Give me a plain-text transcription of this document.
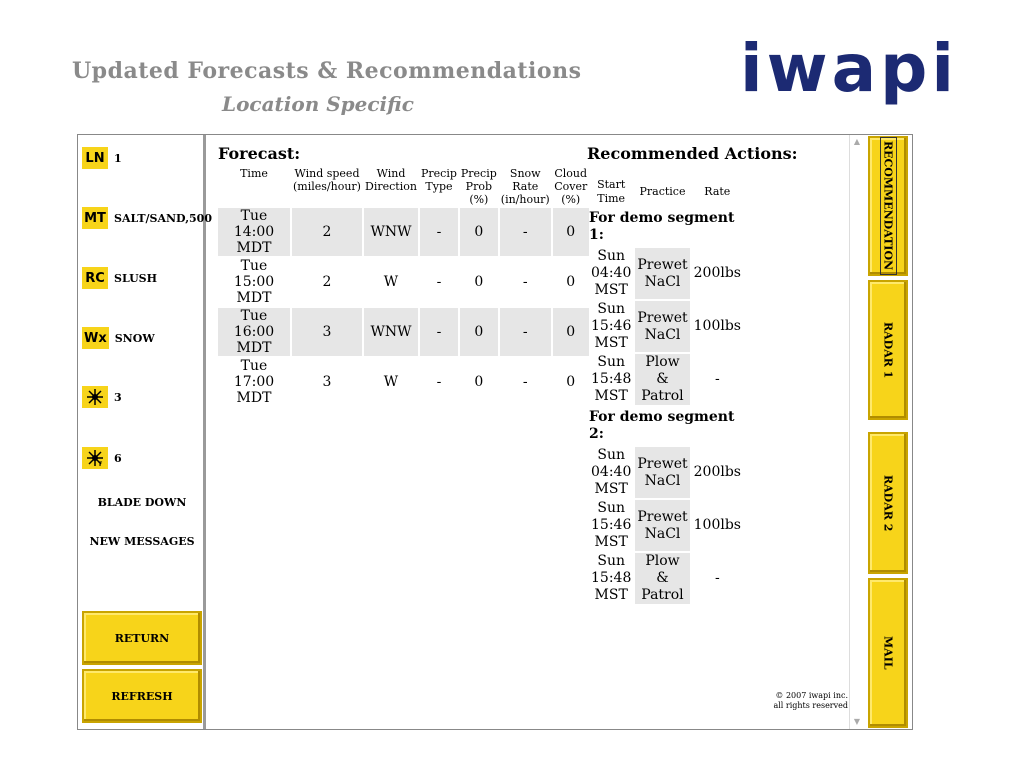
Updated Forecasts & Recommendations
Location Specific	iwapi
LN 1
MT SALT/SAND,500
RC SLUSH
Wx SNOW
3
T 6
BLADE DOWN
NEW MESSAGES
RETURN
REFRESH
Forecast:
Time	Wind speed (miles/hour)	Wind Direction	Precip Type	Precip Prob (%)	Snow Rate (in/hour)	Cloud Cover (%)
Tue 14:00 MDT	2	WNW	-	0	-	0
Tue 15:00 MDT	2	W	-	0	-	0
Tue 16:00 MDT	3	WNW	-	0	-	0
Tue 17:00 MDT	3	W	-	0	-	0
Recommended Actions:
Start Time	Practice	Rate
For demo segment 1:		
Sun 04:40 MST	Prewet NaCl	200lbs
Sun 15:46 MST	Prewet NaCl	100lbs
Sun 15:48 MST	Plow & Patrol	-
For demo segment 2:		
Sun 04:40 MST	Prewet NaCl	200lbs
Sun 15:46 MST	Prewet NaCl	100lbs
Sun 15:48 MST	Plow & Patrol	-
▲
▼
© 2007 iwapi inc.
all rights reserved
RECOMMENDATION
RADAR 1
RADAR 2
MAIL
